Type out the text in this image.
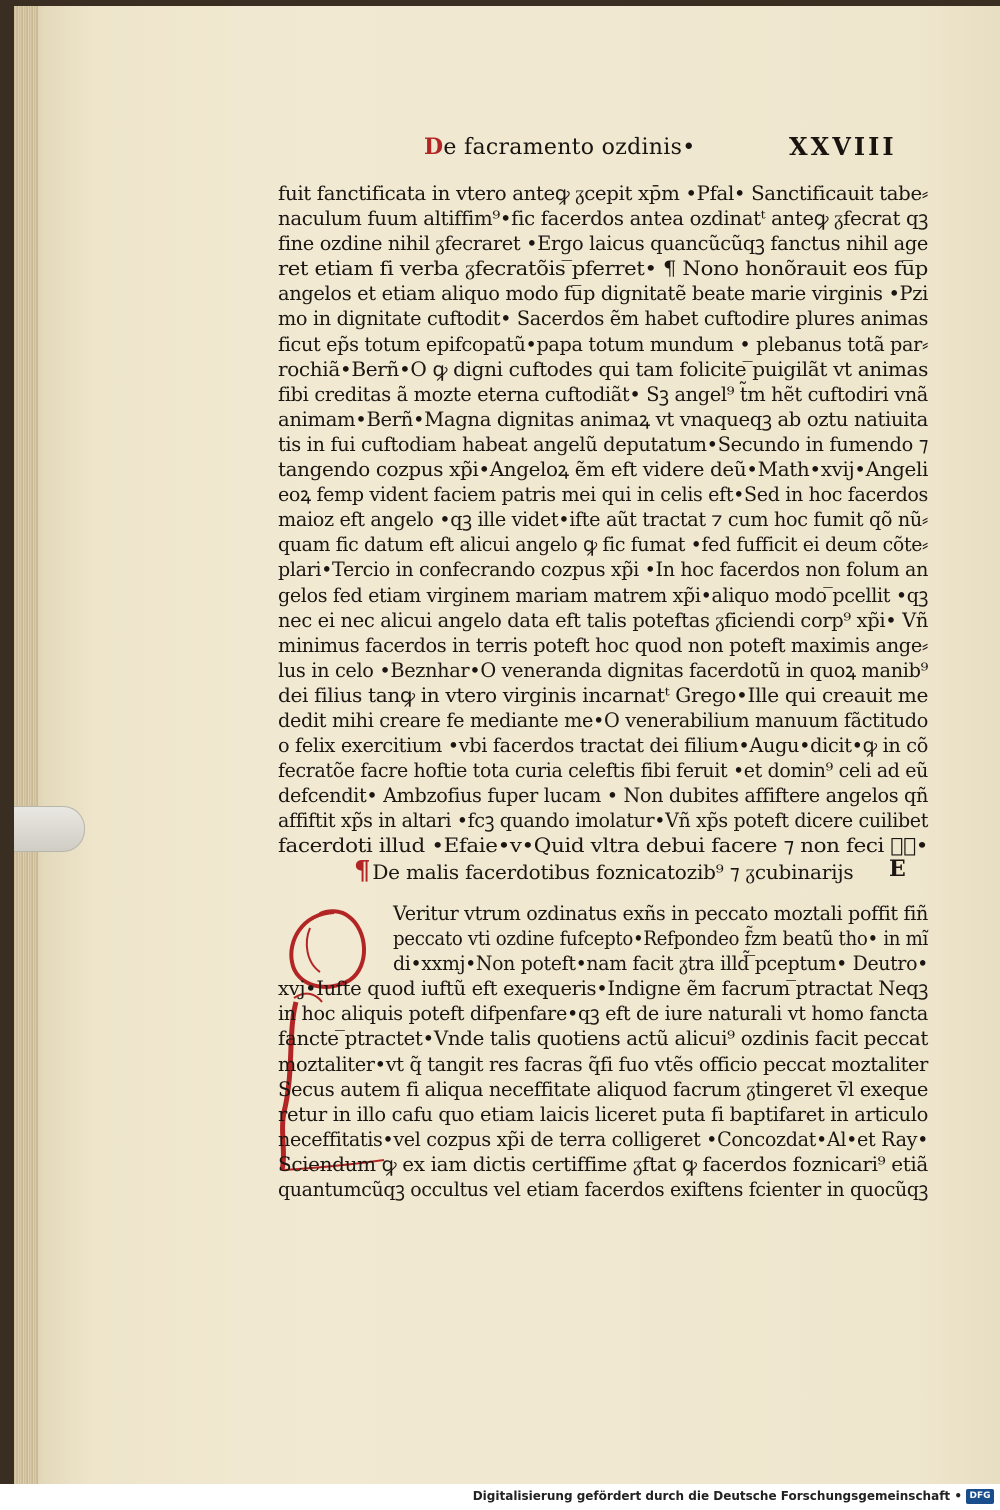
De facramento ozdinis•	XXVIII
fuit fanctificata in vtero anteꝙ ᵹcepit xp̄m •Pfal• Sanctificauit tabe⸗
naculum fuum altiffim⁹•fic facerdos antea ozdinatᵗ anteꝙ ᵹfecrat qꝫ
fine ozdine nihil ᵹfecraret •Ergo laicus quancũcũqꝫ fanctus nihil age
ret etiam fi verba ᵹfecratõis ̅pferret• ¶ Nono honõrauit eos fu̅p
angelos et etiam aliquo modo fu̅p dignitatẽ beate marie virginis •Pzi
mo in dignitate cuftodit• Sacerdos ẽm habet cuftodire plures animas
ficut ep̃s totum epifcopatũ•papa totum mundum • plebanus totã par⸗
rochiã•Berñ•O ꝙ digni cuftodes qui tam folicite ̅puigilãt vt animas
fibi creditas ã mozte eterna cuftodiãt• Sꝫ angel⁹ t̃m hẽt cuftodiri vnã
animam•Berñ•Magna dignitas animaꝝ vt vnaqueqꝫ ab oztu natiuita
tis in fui cuftodiam habeat angelũ deputatum•Secundo in fumendo ⁊
tangendo cozpus xp̃i•Angeloꝝ ẽm eft videre deũ•Math•xvij•Angeli
eoꝝ femp vident faciem patris mei qui in celis eft•Sed in hoc facerdos
maioz eft angelo •qꝫ ille videt•ifte aũt tractat ⁊ cum hoc fumit qõ nũ⸗
quam fic datum eft alicui angelo ꝙ fic fumat •fed fufficit ei deum cõte⸗
plari•Tercio in confecrando cozpus xp̃i •In hoc facerdos non folum an
gelos fed etiam virginem mariam matrem xp̃i•aliquo modo ̅pcellit •qꝫ
nec ei nec alicui angelo data eft talis poteftas ᵹficiendi corp⁹ xp̃i• Vñ
minimus facerdos in terris poteft hoc quod non poteft maximis ange⸗
lus in celo •Beznhar•O veneranda dignitas facerdotũ in quoꝝ manib⁹
dei filius tanꝙ in vtero virginis incarnatᵗ Grego•Ille qui creauit me
dedit mihi creare fe mediante me•O venerabilium manuum fãctitudo
o felix exercitium •vbi facerdos tractat dei filium•Augu•dicit•ꝙ in cõ
fecratõe facre hoftie tota curia celeftis fibi feruit •et domin⁹ celi ad eũ
defcendit• Ambzofius fuper lucam • Non dubites affiftere angelos qñ
affiftit xp̃s in altari •fcꝫ quando imolatur•Vñ xp̃s poteft dicere cuilibet
facerdoti illud •Efaie•v•Quid vltra debui facere ⁊ non feci ⁊ͨ•
¶ De malis facerdotibus foznicatozib⁹ ⁊ ᵹcubinarijs	E
Veritur vtrum ozdinatus exñs in peccato moztali poffit fiñ
peccato vti ozdine fufcepto•Refpondeo f̃zm beatũ tho• in mĩ
di•xxmj•Non poteft•nam facit ᵹtra illd̃ ̅pceptum• Deutro•
xvj•Iufte quod iuftũ eft exequeris•Indigne ẽm facrum ̅ptractat Neqꝫ
in hoc aliquis poteft difpenfare•qꝫ eft de iure naturali vt homo fancta
fancte ̅ptractet•Vnde talis quotiens actũ alicui⁹ ozdinis facit peccat
moztaliter•vt q̃ tangit res facras q̃fi fuo vtẽs officio peccat moztaliter
Secus autem fi aliqua neceffitate aliquod facrum ᵹtingeret v̄l exeque
retur in illo cafu quo etiam laicis liceret puta fi baptifaret in articulo
neceffitatis•vel cozpus xp̃i de terra colligeret •Concozdat•Al•et Ray•
Sciendum ꝙ ex iam dictis certiffime ᵹftat ꝙ facerdos foznicari⁹ etiã
quantumcũqꝫ occultus vel etiam facerdos exiftens fcienter in quocũqꝫ
Digitalisierung gefördert durch die Deutsche Forschungsgemeinschaft • DFG
